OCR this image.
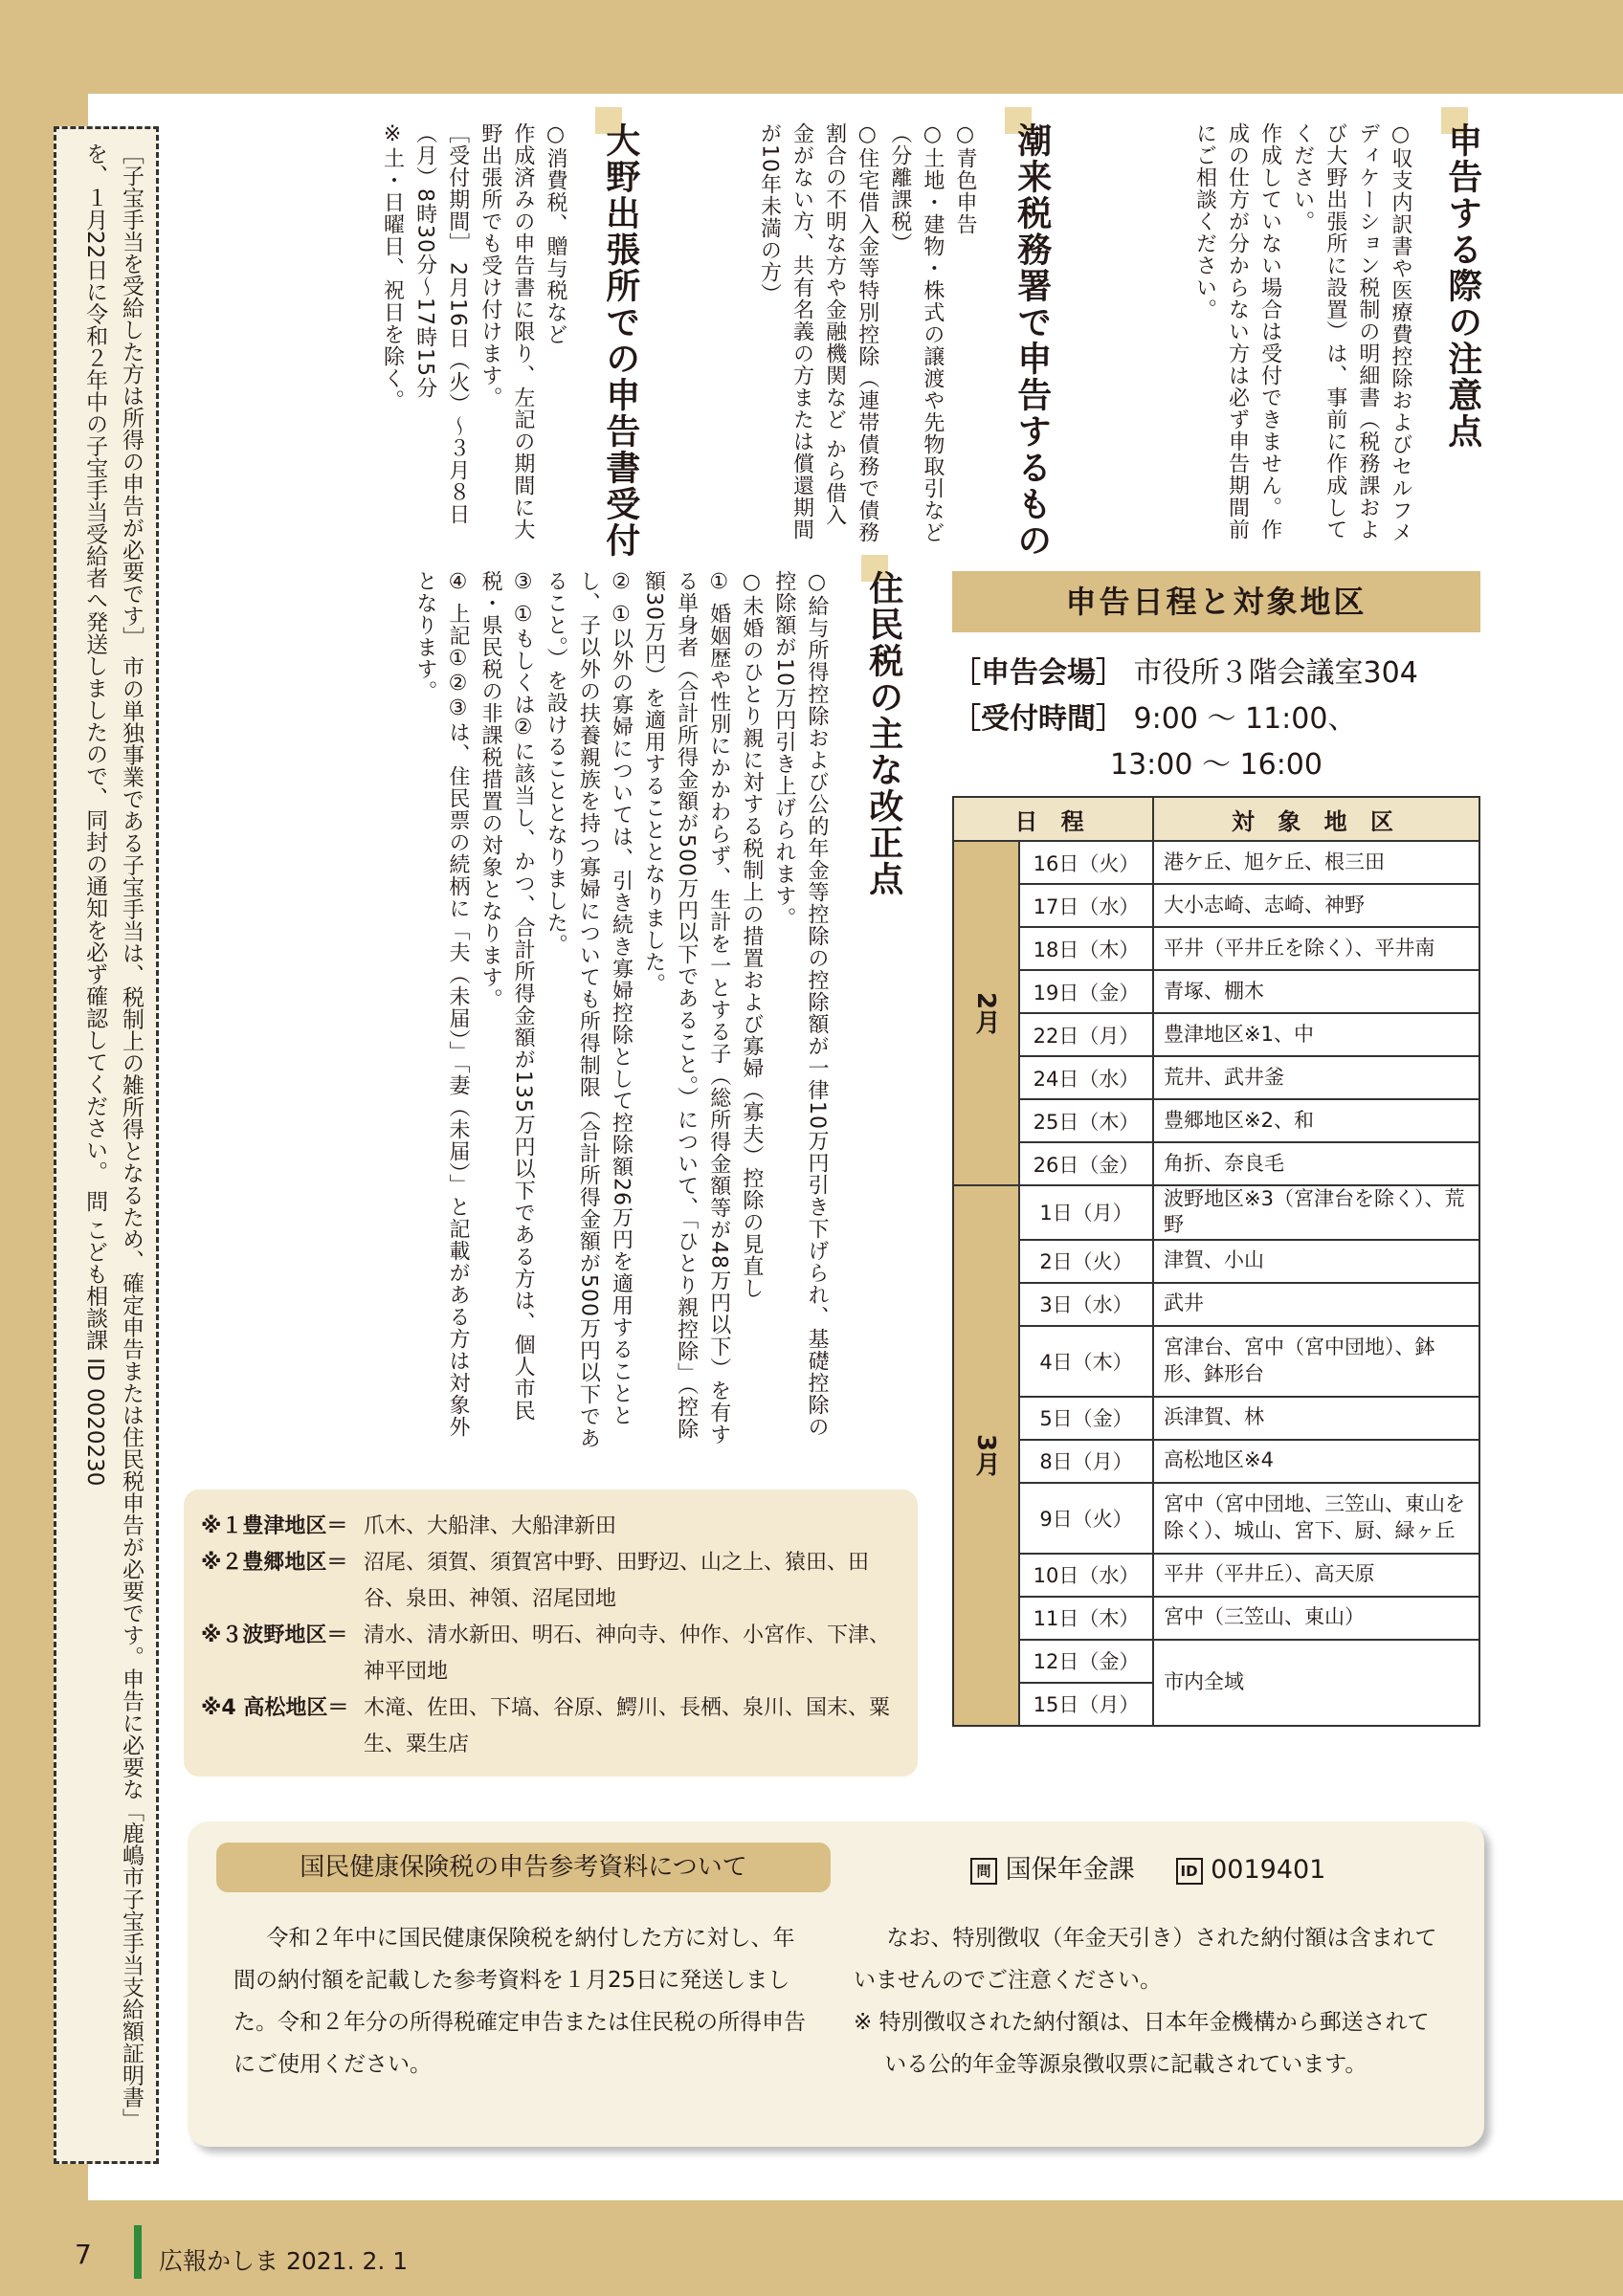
申告する際の注意点

○収支内訳書や医療費控除およびセルフメディケーション税制の明細書（税務課および大野出張所に設置）は、事前に作成してください。

作成していない場合は受付できません。作成の仕方が分からない方は必ず申告期間前にご相談ください。

潮来税務署で申告するもの

○青色申告

○土地・建物・株式の譲渡や先物取引など（分離課税）

○住宅借入金等特別控除（連帯債務で債務割合の不明な方や金融機関など から借入金がない方、共有名義の方または償還期間が10年未満の方）

大野出張所での申告書受付

○消費税、贈与税など

作成済みの申告書に限り、左記の期間に大野出張所でも受け付けます。

［受付期間］ 2月16日（火）～３月８日（月）8時30分～17時15分

※土・日曜日、祝日を除く。

住民税の主な改正点

○給与所得控除および公的年金等控除の控除額が一律10万円引き下げられ、基礎控除の控除額が10万円引き上げられます。

○未婚のひとり親に対する税制上の措置および寡婦（寡夫）控除の見直し

① 婚姻歴や性別にかかわらず、生計を一とする子（総所得金額等が48万円以下）を有する単身者（合計所得金額が500万円以下であること。）について、「ひとり親控除」（控除額30万円）を適用することとなりました。

② ①以外の寡婦については、引き続き寡婦控除として控除額26万円を適用することとし、子以外の扶養親族を持つ寡婦についても所得制限（合計所得金額が500万円以下であること。）を設けることとなりました。

③ ①もしくは②に該当し、かつ、合計所得金額が135万円以下である方は、個人市民税・県民税の非課税措置の対象となります。

④ 上記①②③は、住民票の続柄に「夫（未届）」「妻（未届）」と記載がある方は対象外となります。

［子宝手当を受給した方は所得の申告が必要です］ 市の単独事業である子宝手当は、税制上の雑所得となるため、確定申告または住民税申告が必要です。申告に必要な「鹿嶋市子宝手当支給額証明書」を、１月22日に令和２年中の子宝手当受給者へ発送しましたので、同封の通知を必ず確認してください。 問 こども相談課 ID 0020230	申告日程と対象地区
［申告会場］ 市役所３階会議室304
［受付時間］ 9:00 ～ 11:00、
13:00 ～ 16:00
日 程		対 象 地 区
2月	16日（火）	港ケ丘、旭ケ丘、根三田
	17日（水）	大小志崎、志崎、神野
	18日（木）	平井（平井丘を除く）、平井南
	19日（金）	青塚、棚木
	22日（月）	豊津地区※1、中
	24日（水）	荒井、武井釜
	25日（木）	豊郷地区※2、和
	26日（金）	角折、奈良毛
3月	1日（月）	波野地区※3（宮津台を除く）、荒野
	2日（火）	津賀、小山
	3日（水）	武井
	4日（木）	宮津台、宮中（宮中団地）、鉢形、鉢形台
	5日（金）	浜津賀、林
	8日（月）	高松地区※4
	9日（火）	宮中（宮中団地、三笠山、東山を除く）、城山、宮下、厨、緑ヶ丘
	10日（水）	平井（平井丘）、高天原
	11日（木）	宮中（三笠山、東山）
	12日（金）	市内全域
	15日（月）	
※１豊津地区＝ 爪木、大船津、大船津新田
※２豊郷地区＝ 沼尾、須賀、須賀宮中野、田野辺、山之上、猿田、田谷、泉田、神領、沼尾団地
※３波野地区＝ 清水、清水新田、明石、神向寺、仲作、小宮作、下津、神平団地
※4 高松地区＝ 木滝、佐田、下塙、谷原、鰐川、長栖、泉川、国末、粟生、粟生店
国民健康保険税の申告参考資料について	問 国保年金課	ID 0019401

令和２年中に国民健康保険税を納付した方に対し、年間の納付額を記載した参考資料を１月25日に発送しました。令和２年分の所得税確定申告または住民税の所得申告にご使用ください。

なお、特別徴収（年金天引き）された納付額は含まれていませんのでご注意ください。

※ 特別徴収された納付額は、日本年金機構から郵送されている公的年金等源泉徴収票に記載されています。

7	広報かしま 2021. 2. 1
